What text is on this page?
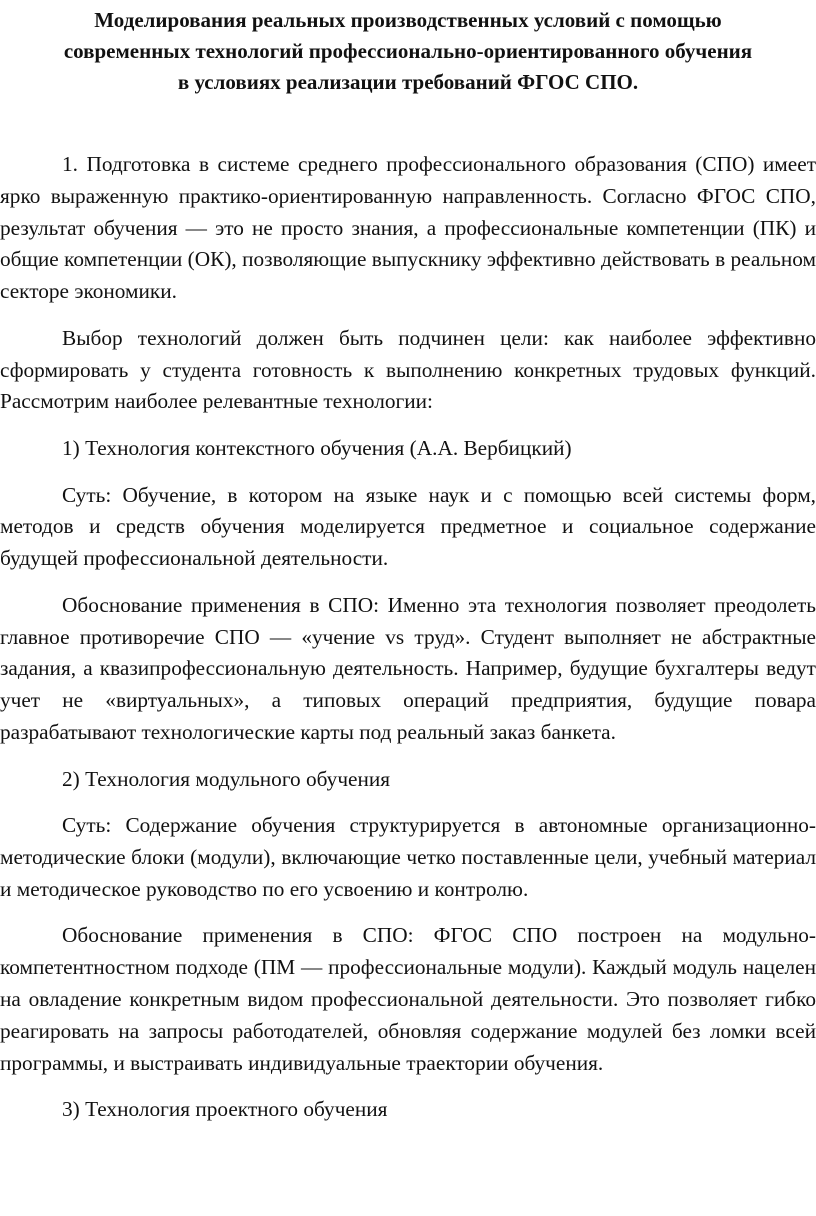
Моделирования реальных производственных условий с помощью
современных технологий профессионально-ориентированного обучения
в условиях реализации требований ФГОС СПО.

1. Подготовка в системе среднего профессионального образования (СПО) имеет ярко выраженную практико-ориентированную направленность. Согласно ФГОС СПО, результат обучения — это не просто знания, а профессиональные компетенции (ПК) и общие компетенции (ОК), позволяющие выпускнику эффективно действовать в реальном секторе экономики.

Выбор технологий должен быть подчинен цели: как наиболее эффективно сформировать у студента готовность к выполнению конкретных трудовых функций. Рассмотрим наиболее релевантные технологии:

1) Технология контекстного обучения (А.А. Вербицкий)

Суть: Обучение, в котором на языке наук и с помощью всей системы форм, методов и средств обучения моделируется предметное и социальное содержание будущей профессиональной деятельности.

Обоснование применения в СПО: Именно эта технология позволяет преодолеть главное противоречие СПО — «учение vs труд». Студент выполняет не абстрактные задания, а квазипрофессиональную деятельность. Например, будущие бухгалтеры ведут учет не «виртуальных», а типовых операций предприятия, будущие повара разрабатывают технологические карты под реальный заказ банкета.

2) Технология модульного обучения

Суть: Содержание обучения структурируется в автономные организационно-методические блоки (модули), включающие четко поставленные цели, учебный материал и методическое руководство по его усвоению и контролю.

Обоснование применения в СПО: ФГОС СПО построен на модульно-компетентностном подходе (ПМ — профессиональные модули). Каждый модуль нацелен на овладение конкретным видом профессиональной деятельности. Это позволяет гибко реагировать на запросы работодателей, обновляя содержание модулей без ломки всей программы, и выстраивать индивидуальные траектории обучения.

3) Технология проектного обучения
